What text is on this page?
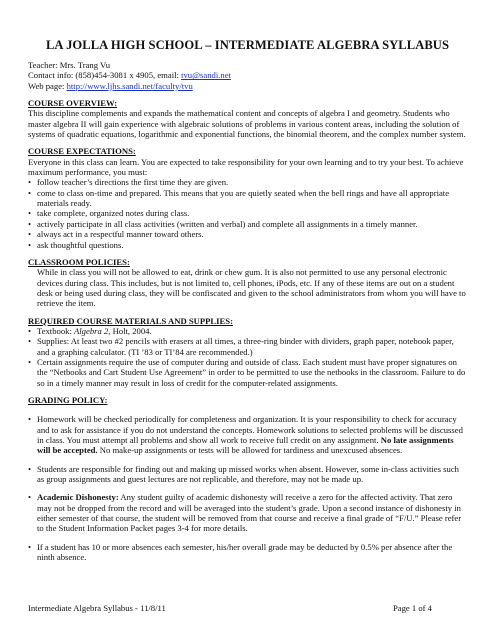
LA JOLLA HIGH SCHOOL – INTERMEDIATE ALGEBRA SYLLABUS

Teacher: Mrs. Trang Vu

Contact info: (858)454-3081 x 4905, email: tvu@sandi.net

Web page: http://www.ljhs.sandi.net/faculty/tvu

COURSE OVERVIEW:

This discipline complements and expands the mathematical content and concepts of algebra I and geometry. Students who master algebra II will gain experience with algebraic solutions of problems in various content areas, including the solution of systems of quadratic equations, logarithmic and exponential functions, the binomial theorem, and the complex number system.

COURSE EXPECTATIONS:

Everyone in this class can learn. You are expected to take responsibility for your own learning and to try your best. To achieve maximum performance, you must:

• follow teacher’s directions the first time they are given.
• come to class on-time and prepared. This means that you are quietly seated when the bell rings and have all appropriate materials ready.
• take complete, organized notes during class.
• actively participate in all class activities (written and verbal) and complete all assignments in a timely manner.
• always act in a respectful manner toward others.
• ask thoughtful questions.

CLASSROOM POLICIES:

While in class you will not be allowed to eat, drink or chew gum. It is also not permitted to use any personal electronic devices during class. This includes, but is not limited to, cell phones, iPods, etc. If any of these items are out on a student desk or being used during class, they will be confiscated and given to the school administrators from whom you will have to retrieve the item.

REQUIRED COURSE MATERIALS AND SUPPLIES:

• Textbook: Algebra 2, Holt, 2004.
• Supplies: At least two #2 pencils with erasers at all times, a three-ring binder with dividers, graph paper, notebook paper, and a graphing calculator. (TI ’83 or TI’84 are recommended.)
• Certain assignments require the use of computer during and outside of class. Each student must have proper signatures on the “Netbooks and Cart Student Use Agreement” in order to be permitted to use the netbooks in the classroom. Failure to do so in a timely manner may result in loss of credit for the computer-related assignments.

GRADING POLICY:

• Homework will be checked periodically for completeness and organization. It is your responsibility to check for accuracy and to ask for assistance if you do not understand the concepts. Homework solutions to selected problems will be discussed in class. You must attempt all problems and show all work to receive full credit on any assignment. No late assignments will be accepted. No make-up assignments or tests will be allowed for tardiness and unexcused absences.
• Students are responsible for finding out and making up missed works when absent. However, some in-class activities such as group assignments and guest lectures are not replicable, and therefore, may not be made up.
• Academic Dishonesty: Any student guilty of academic dishonesty will receive a zero for the affected activity. That zero may not be dropped from the record and will be averaged into the student’s grade. Upon a second instance of dishonesty in either semester of that course, the student will be removed from that course and receive a final grade of “F/U.” Please refer to the Student Information Packet pages 3-4 for more details.
• If a student has 10 or more absences each semester, his/her overall grade may be deducted by 0.5% per absence after the ninth absence.
Intermediate Algebra Syllabus - 11/8/11	Page 1 of 4
